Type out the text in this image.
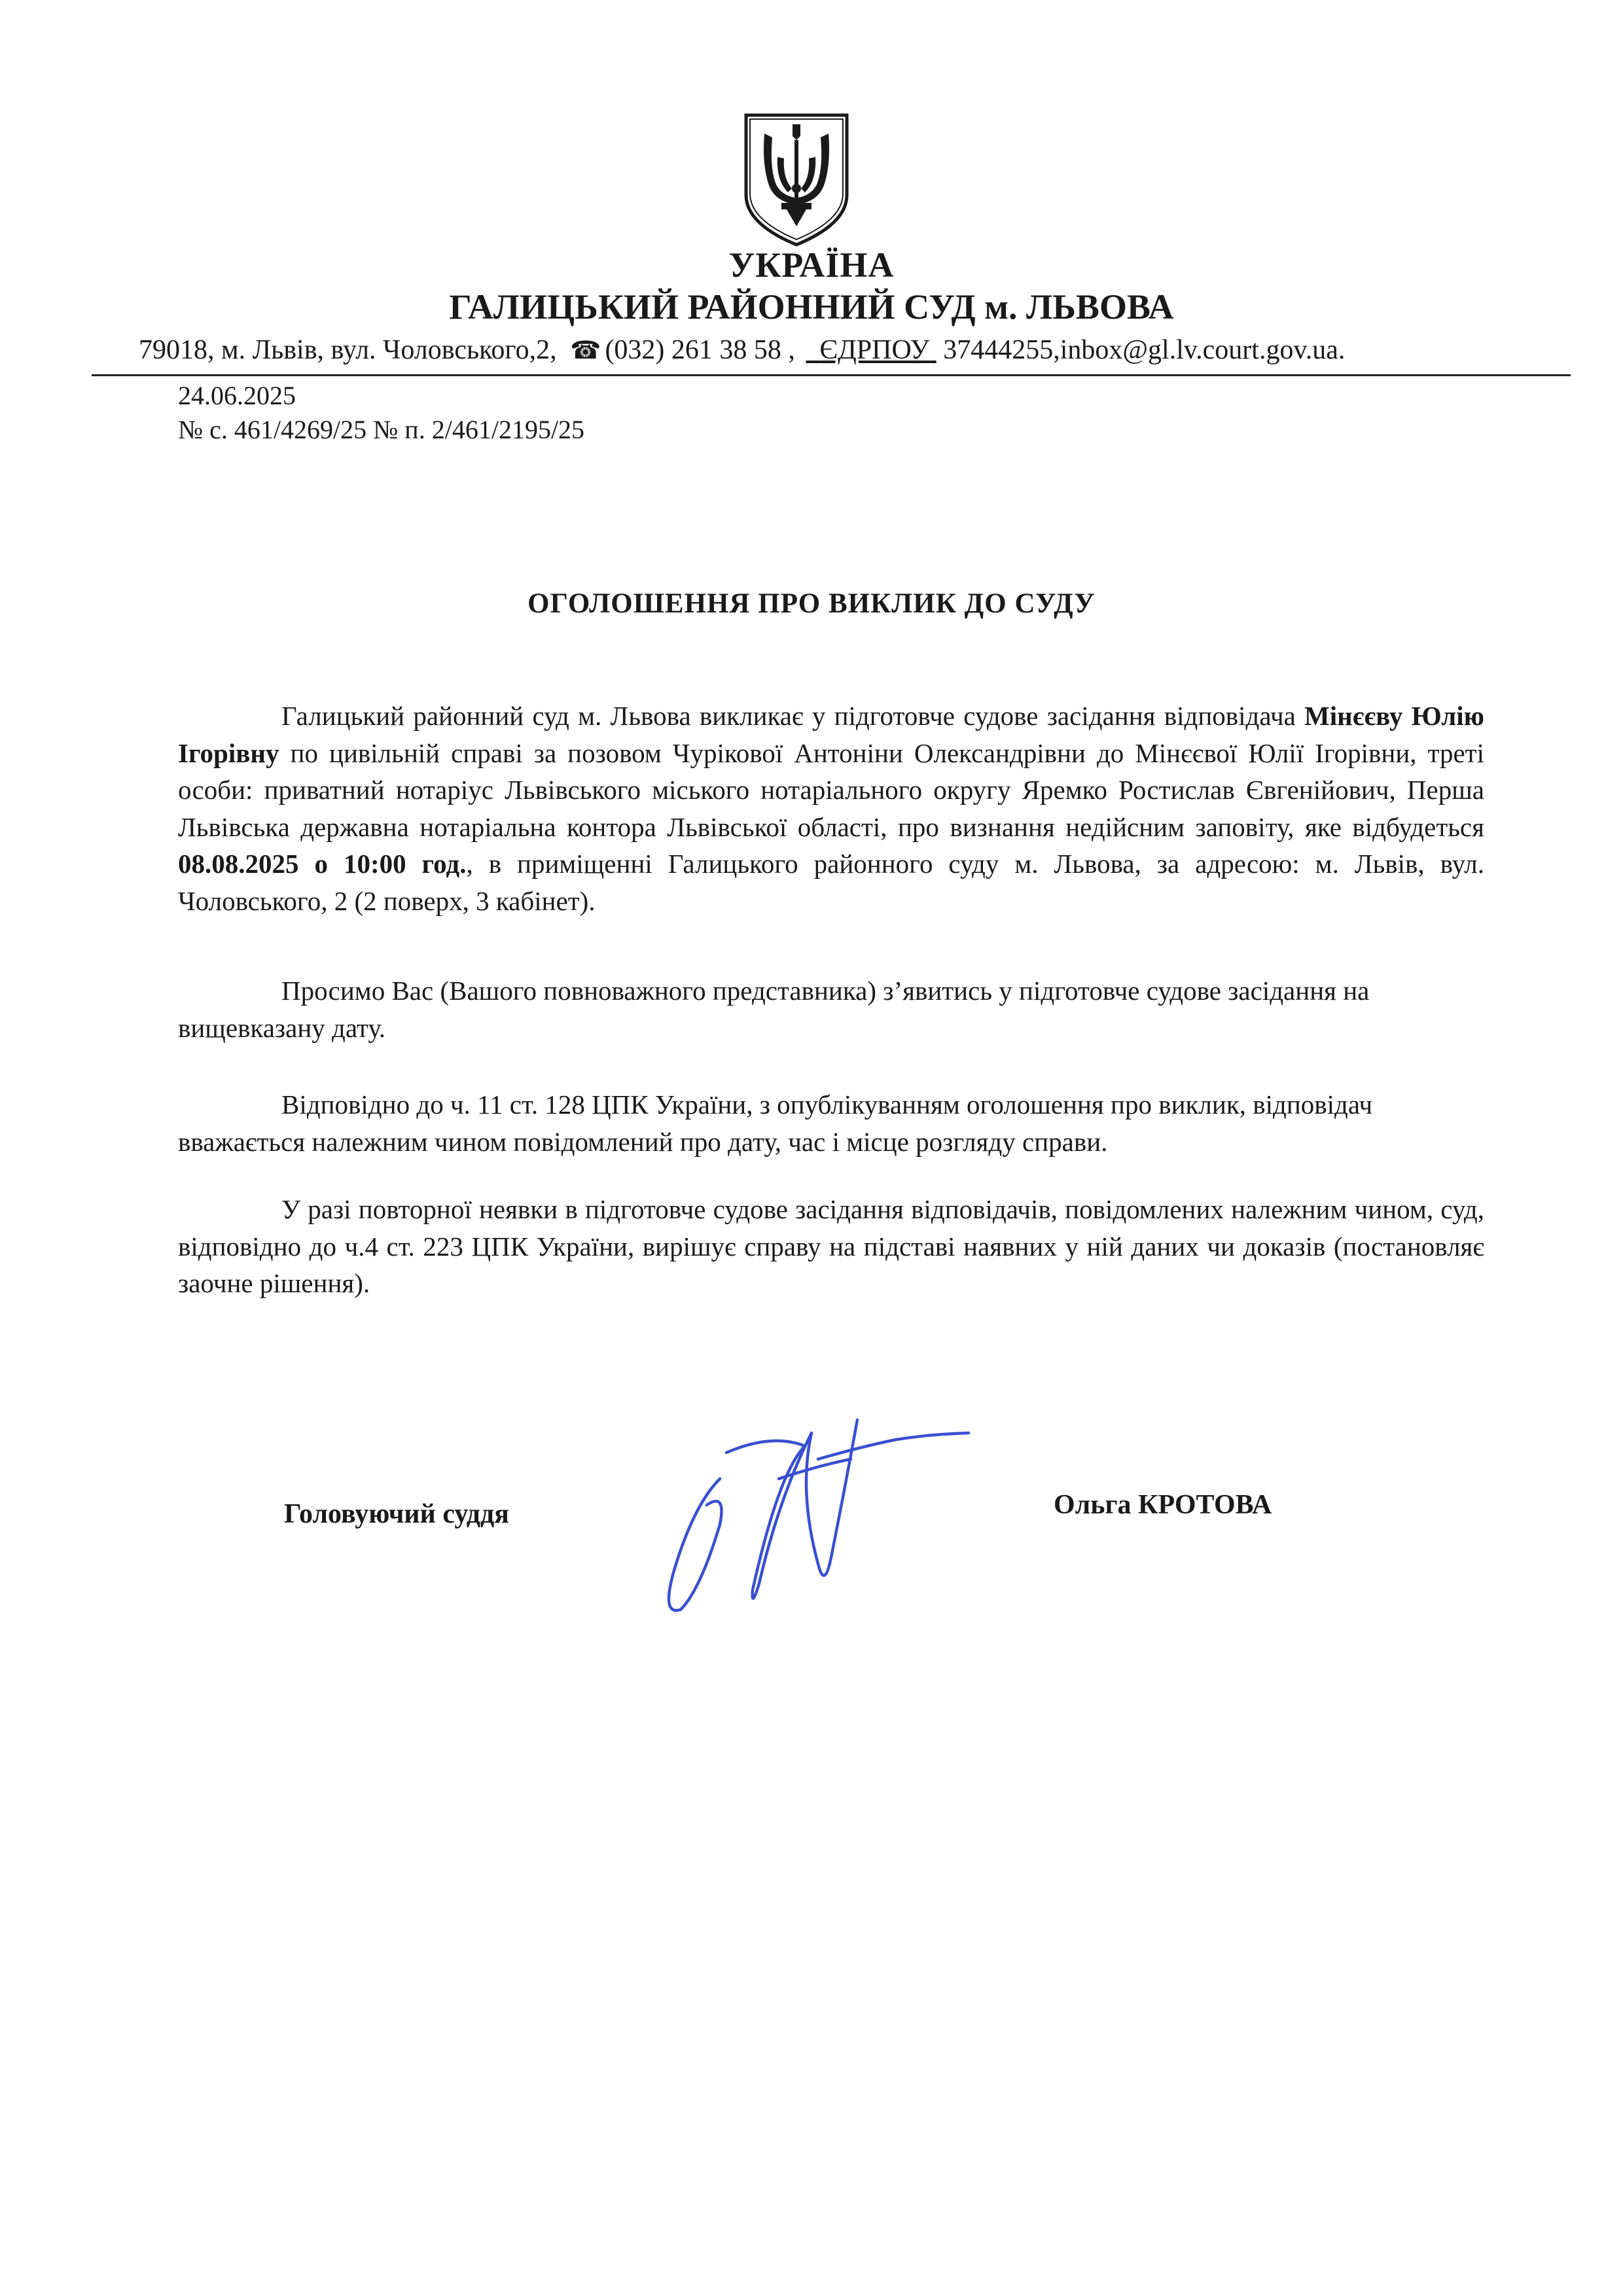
УКРАЇНА
ГАЛИЦЬКИЙ РАЙОННИЙ СУД м. ЛЬВОВА
79018, м. Львів, вул. Чоловського,2, ☎ (032) 261 38 58 , ЄДРПОУ 37444255,inbox@gl.lv.court.gov.ua.
24.06.2025
№ с. 461/4269/25 № п. 2/461/2195/25
ОГОЛОШЕННЯ ПРО ВИКЛИК ДО СУДУ

Галицький районний суд м. Львова викликає у підготовче судове засідання відповідача Мінєєву Юлію Ігорівну по цивільній справі за позовом Чурікової Антоніни Олександрівни до Мінєєвої Юлії Ігорівни, треті особи: приватний нотаріус Львівського міського нотаріального округу Яремко Ростислав Євгенійович, Перша Львівська державна нотаріальна контора Львівської області, про визнання недійсним заповіту, яке відбудеться 08.08.2025 о 10:00 год., в приміщенні Галицького районного суду м. Львова, за адресою: м. Львів, вул. Чоловського, 2 (2 поверх, 3 кабінет).

Просимо Вас (Вашого повноважного представника) з’явитись у підготовче судове засідання на вищевказану дату.

Відповідно до ч. 11 ст. 128 ЦПК України, з опублікуванням оголошення про виклик, відповідач вважається належним чином повідомлений про дату, час і місце розгляду справи.

У разі повторної неявки в підготовче судове засідання відповідачів, повідомлених належним чином, суд, відповідно до ч.4 ст. 223 ЦПК України, вирішує справу на підставі наявних у ній даних чи доказів (постановляє заочне рішення).

Головуючий суддя	Ольга КРОТОВА
